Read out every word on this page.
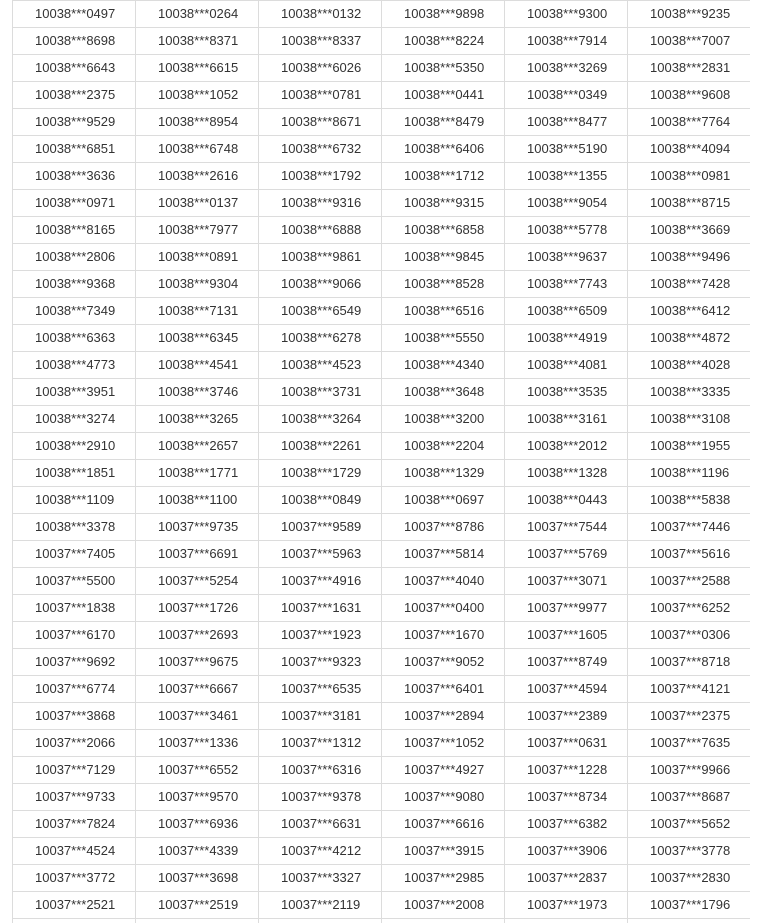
10038***0497	10038***0264	10038***0132	10038***9898	10038***9300	10038***9235
10038***8698	10038***8371	10038***8337	10038***8224	10038***7914	10038***7007
10038***6643	10038***6615	10038***6026	10038***5350	10038***3269	10038***2831
10038***2375	10038***1052	10038***0781	10038***0441	10038***0349	10038***9608
10038***9529	10038***8954	10038***8671	10038***8479	10038***8477	10038***7764
10038***6851	10038***6748	10038***6732	10038***6406	10038***5190	10038***4094
10038***3636	10038***2616	10038***1792	10038***1712	10038***1355	10038***0981
10038***0971	10038***0137	10038***9316	10038***9315	10038***9054	10038***8715
10038***8165	10038***7977	10038***6888	10038***6858	10038***5778	10038***3669
10038***2806	10038***0891	10038***9861	10038***9845	10038***9637	10038***9496
10038***9368	10038***9304	10038***9066	10038***8528	10038***7743	10038***7428
10038***7349	10038***7131	10038***6549	10038***6516	10038***6509	10038***6412
10038***6363	10038***6345	10038***6278	10038***5550	10038***4919	10038***4872
10038***4773	10038***4541	10038***4523	10038***4340	10038***4081	10038***4028
10038***3951	10038***3746	10038***3731	10038***3648	10038***3535	10038***3335
10038***3274	10038***3265	10038***3264	10038***3200	10038***3161	10038***3108
10038***2910	10038***2657	10038***2261	10038***2204	10038***2012	10038***1955
10038***1851	10038***1771	10038***1729	10038***1329	10038***1328	10038***1196
10038***1109	10038***1100	10038***0849	10038***0697	10038***0443	10038***5838
10038***3378	10037***9735	10037***9589	10037***8786	10037***7544	10037***7446
10037***7405	10037***6691	10037***5963	10037***5814	10037***5769	10037***5616
10037***5500	10037***5254	10037***4916	10037***4040	10037***3071	10037***2588
10037***1838	10037***1726	10037***1631	10037***0400	10037***9977	10037***6252
10037***6170	10037***2693	10037***1923	10037***1670	10037***1605	10037***0306
10037***9692	10037***9675	10037***9323	10037***9052	10037***8749	10037***8718
10037***6774	10037***6667	10037***6535	10037***6401	10037***4594	10037***4121
10037***3868	10037***3461	10037***3181	10037***2894	10037***2389	10037***2375
10037***2066	10037***1336	10037***1312	10037***1052	10037***0631	10037***7635
10037***7129	10037***6552	10037***6316	10037***4927	10037***1228	10037***9966
10037***9733	10037***9570	10037***9378	10037***9080	10037***8734	10037***8687
10037***7824	10037***6936	10037***6631	10037***6616	10037***6382	10037***5652
10037***4524	10037***4339	10037***4212	10037***3915	10037***3906	10037***3778
10037***3772	10037***3698	10037***3327	10037***2985	10037***2837	10037***2830
10037***2521	10037***2519	10037***2119	10037***2008	10037***1973	10037***1796
